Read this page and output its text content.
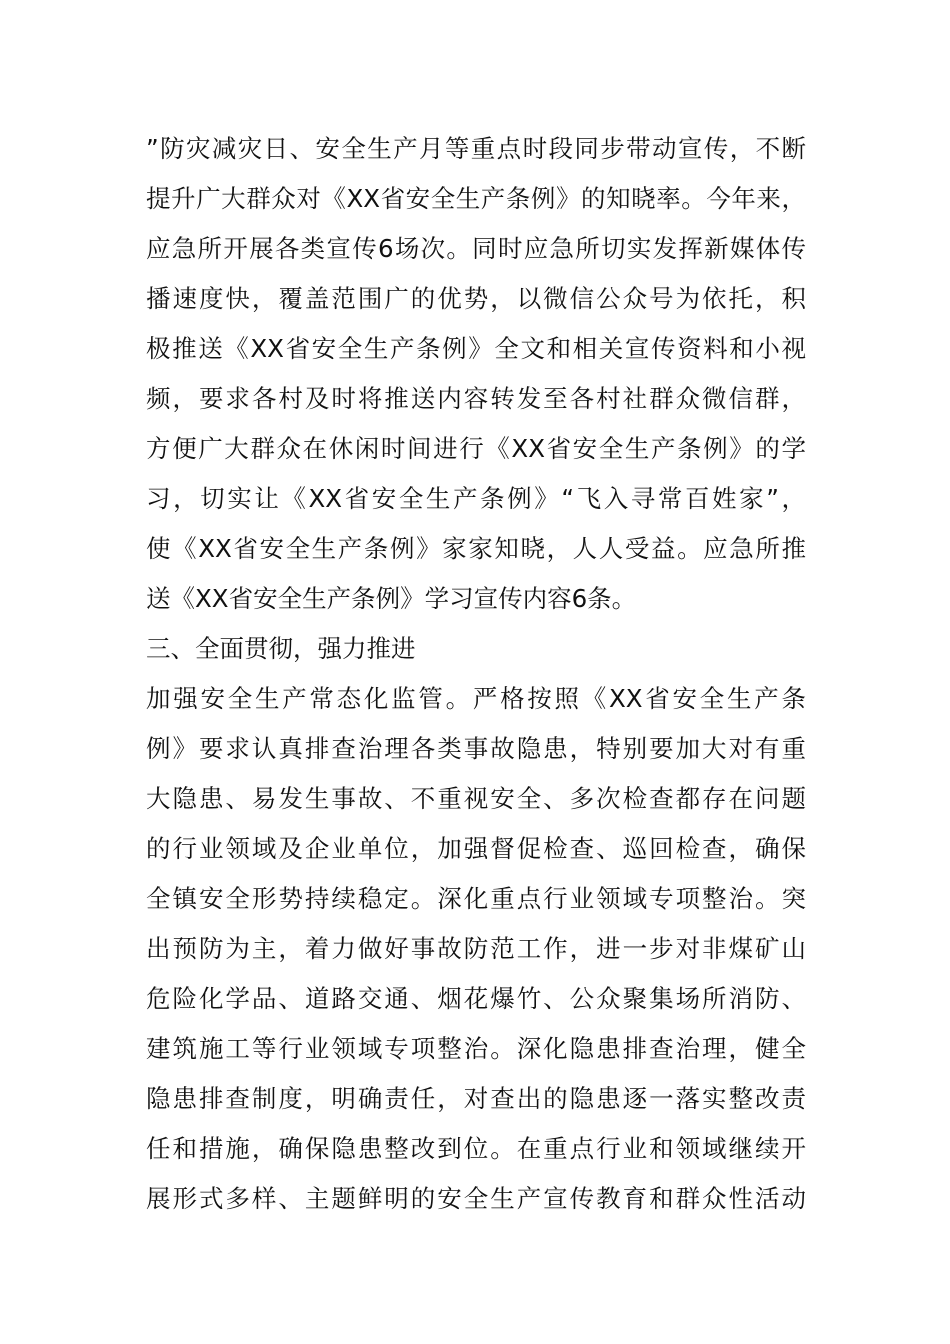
”防灾减灾日、安全生产月等重点时段同步带动宣传，不断
提升广大群众对《XX省安全生产条例》的知晓率。今年来，
应急所开展各类宣传6场次。同时应急所切实发挥新媒体传
播速度快，覆盖范围广的优势，以微信公众号为依托，积
极推送《XX省安全生产条例》全文和相关宣传资料和小视
频，要求各村及时将推送内容转发至各村社群众微信群，
方便广大群众在休闲时间进行《XX省安全生产条例》的学
习，切实让《XX省安全生产条例》“飞入寻常百姓家”，
使《XX省安全生产条例》家家知晓，人人受益。应急所推
送《XX省安全生产条例》学习宣传内容6条。
三、全面贯彻，强力推进
加强安全生产常态化监管。严格按照《XX省安全生产条
例》要求认真排查治理各类事故隐患，特别要加大对有重
大隐患、易发生事故、不重视安全、多次检查都存在问题
的行业领域及企业单位，加强督促检查、巡回检查，确保
全镇安全形势持续稳定。深化重点行业领域专项整治。突
出预防为主，着力做好事故防范工作，进一步对非煤矿山
危险化学品、道路交通、烟花爆竹、公众聚集场所消防、
建筑施工等行业领域专项整治。深化隐患排查治理，健全
隐患排查制度，明确责任，对查出的隐患逐一落实整改责
任和措施，确保隐患整改到位。在重点行业和领域继续开
展形式多样、主题鲜明的安全生产宣传教育和群众性活动
